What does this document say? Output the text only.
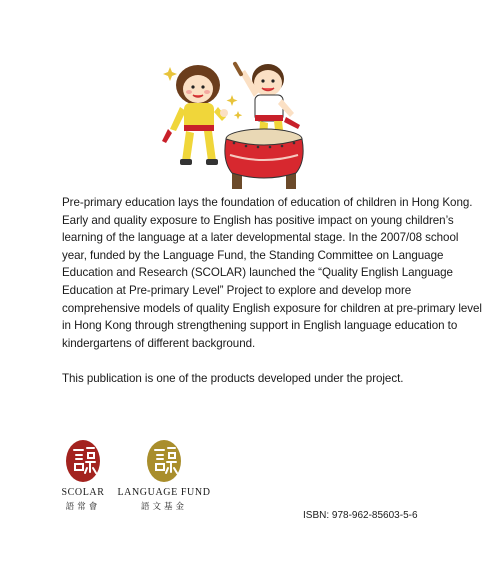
Pre-primary education lays the foundation of education of children in Hong Kong. Early and quality exposure to English has positive impact on young children’s learning of the language at a later developmental stage. In the 2007/08 school year, funded by the Language Fund, the Standing Committee on Language Education and Research (SCOLAR) launched the “Quality English Language Education at Pre-primary Level” Project to explore and develop more comprehensive models of quality English exposure for children at pre-primary level in Hong Kong through strengthening support in English language education to kindergartens of different background.

This publication is one of the products developed under the project.

SCOLAR
語常會
LANGUAGE FUND
語文基金
ISBN: 978-962-85603-5-6
